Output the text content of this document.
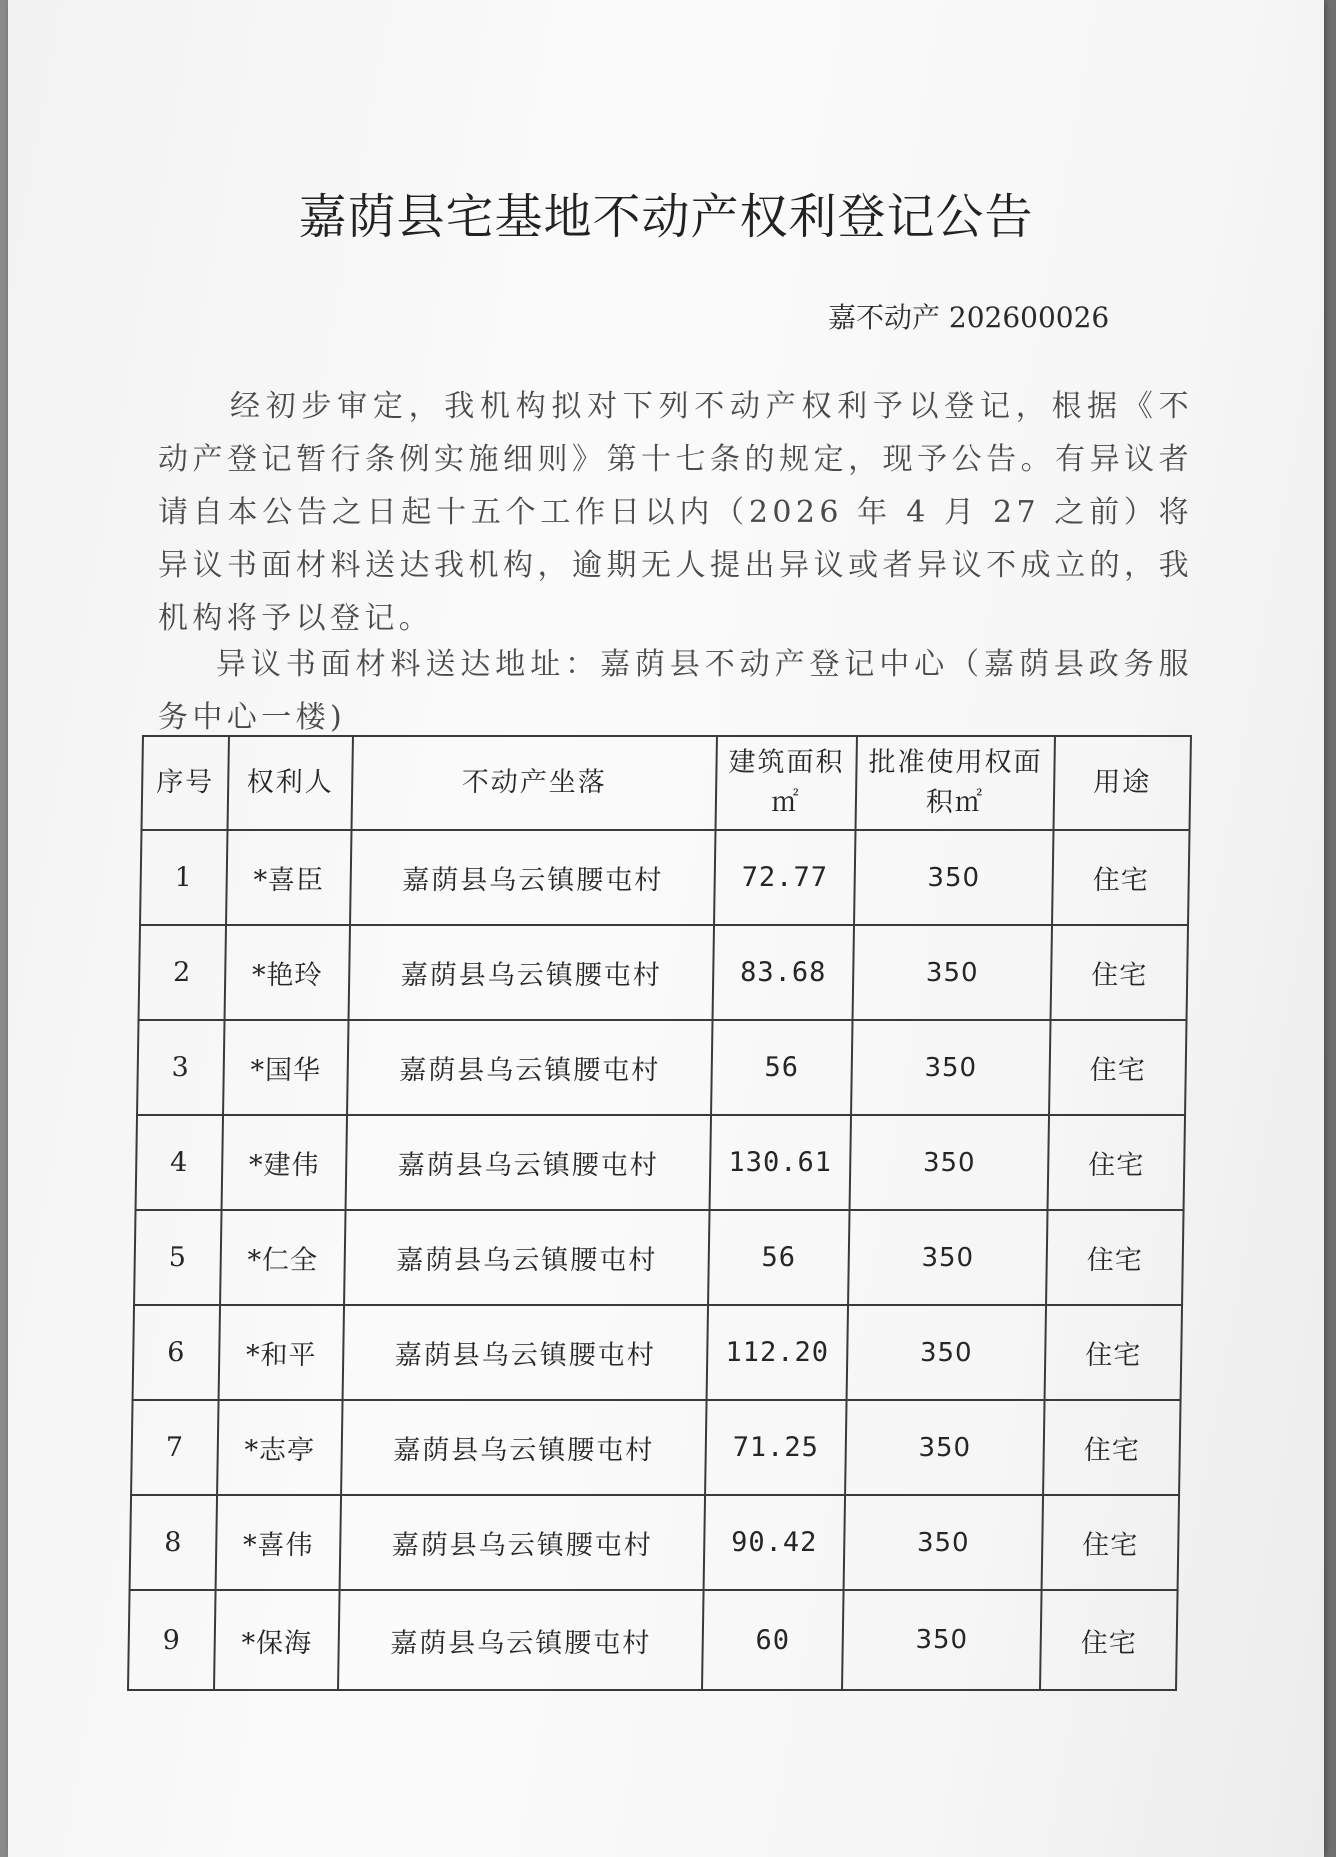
嘉荫县宅基地不动产权利登记公告
嘉不动产 202600026
经初步审定，我机构拟对下列不动产权利予以登记，根据《不动产登记暂行条例实施细则》第十七条的规定，现予公告。有异议者请自本公告之日起十五个工作日以内（2026 年 4 月 27 之前）将异议书面材料送达我机构，逾期无人提出异议或者异议不成立的，我机构将予以登记。
异议书面材料送达地址：嘉荫县不动产登记中心（嘉荫县政务服务中心一楼)
序号	权利人	不动产坐落	建筑面积㎡	批准使用权面积㎡	用途
1	*喜臣	嘉荫县乌云镇腰屯村	72.77	350	住宅
2	*艳玲	嘉荫县乌云镇腰屯村	83.68	350	住宅
3	*国华	嘉荫县乌云镇腰屯村	56	350	住宅
4	*建伟	嘉荫县乌云镇腰屯村	130.61	350	住宅
5	*仁全	嘉荫县乌云镇腰屯村	56	350	住宅
6	*和平	嘉荫县乌云镇腰屯村	112.20	350	住宅
7	*志亭	嘉荫县乌云镇腰屯村	71.25	350	住宅
8	*喜伟	嘉荫县乌云镇腰屯村	90.42	350	住宅
9	*保海	嘉荫县乌云镇腰屯村	60	350	住宅
